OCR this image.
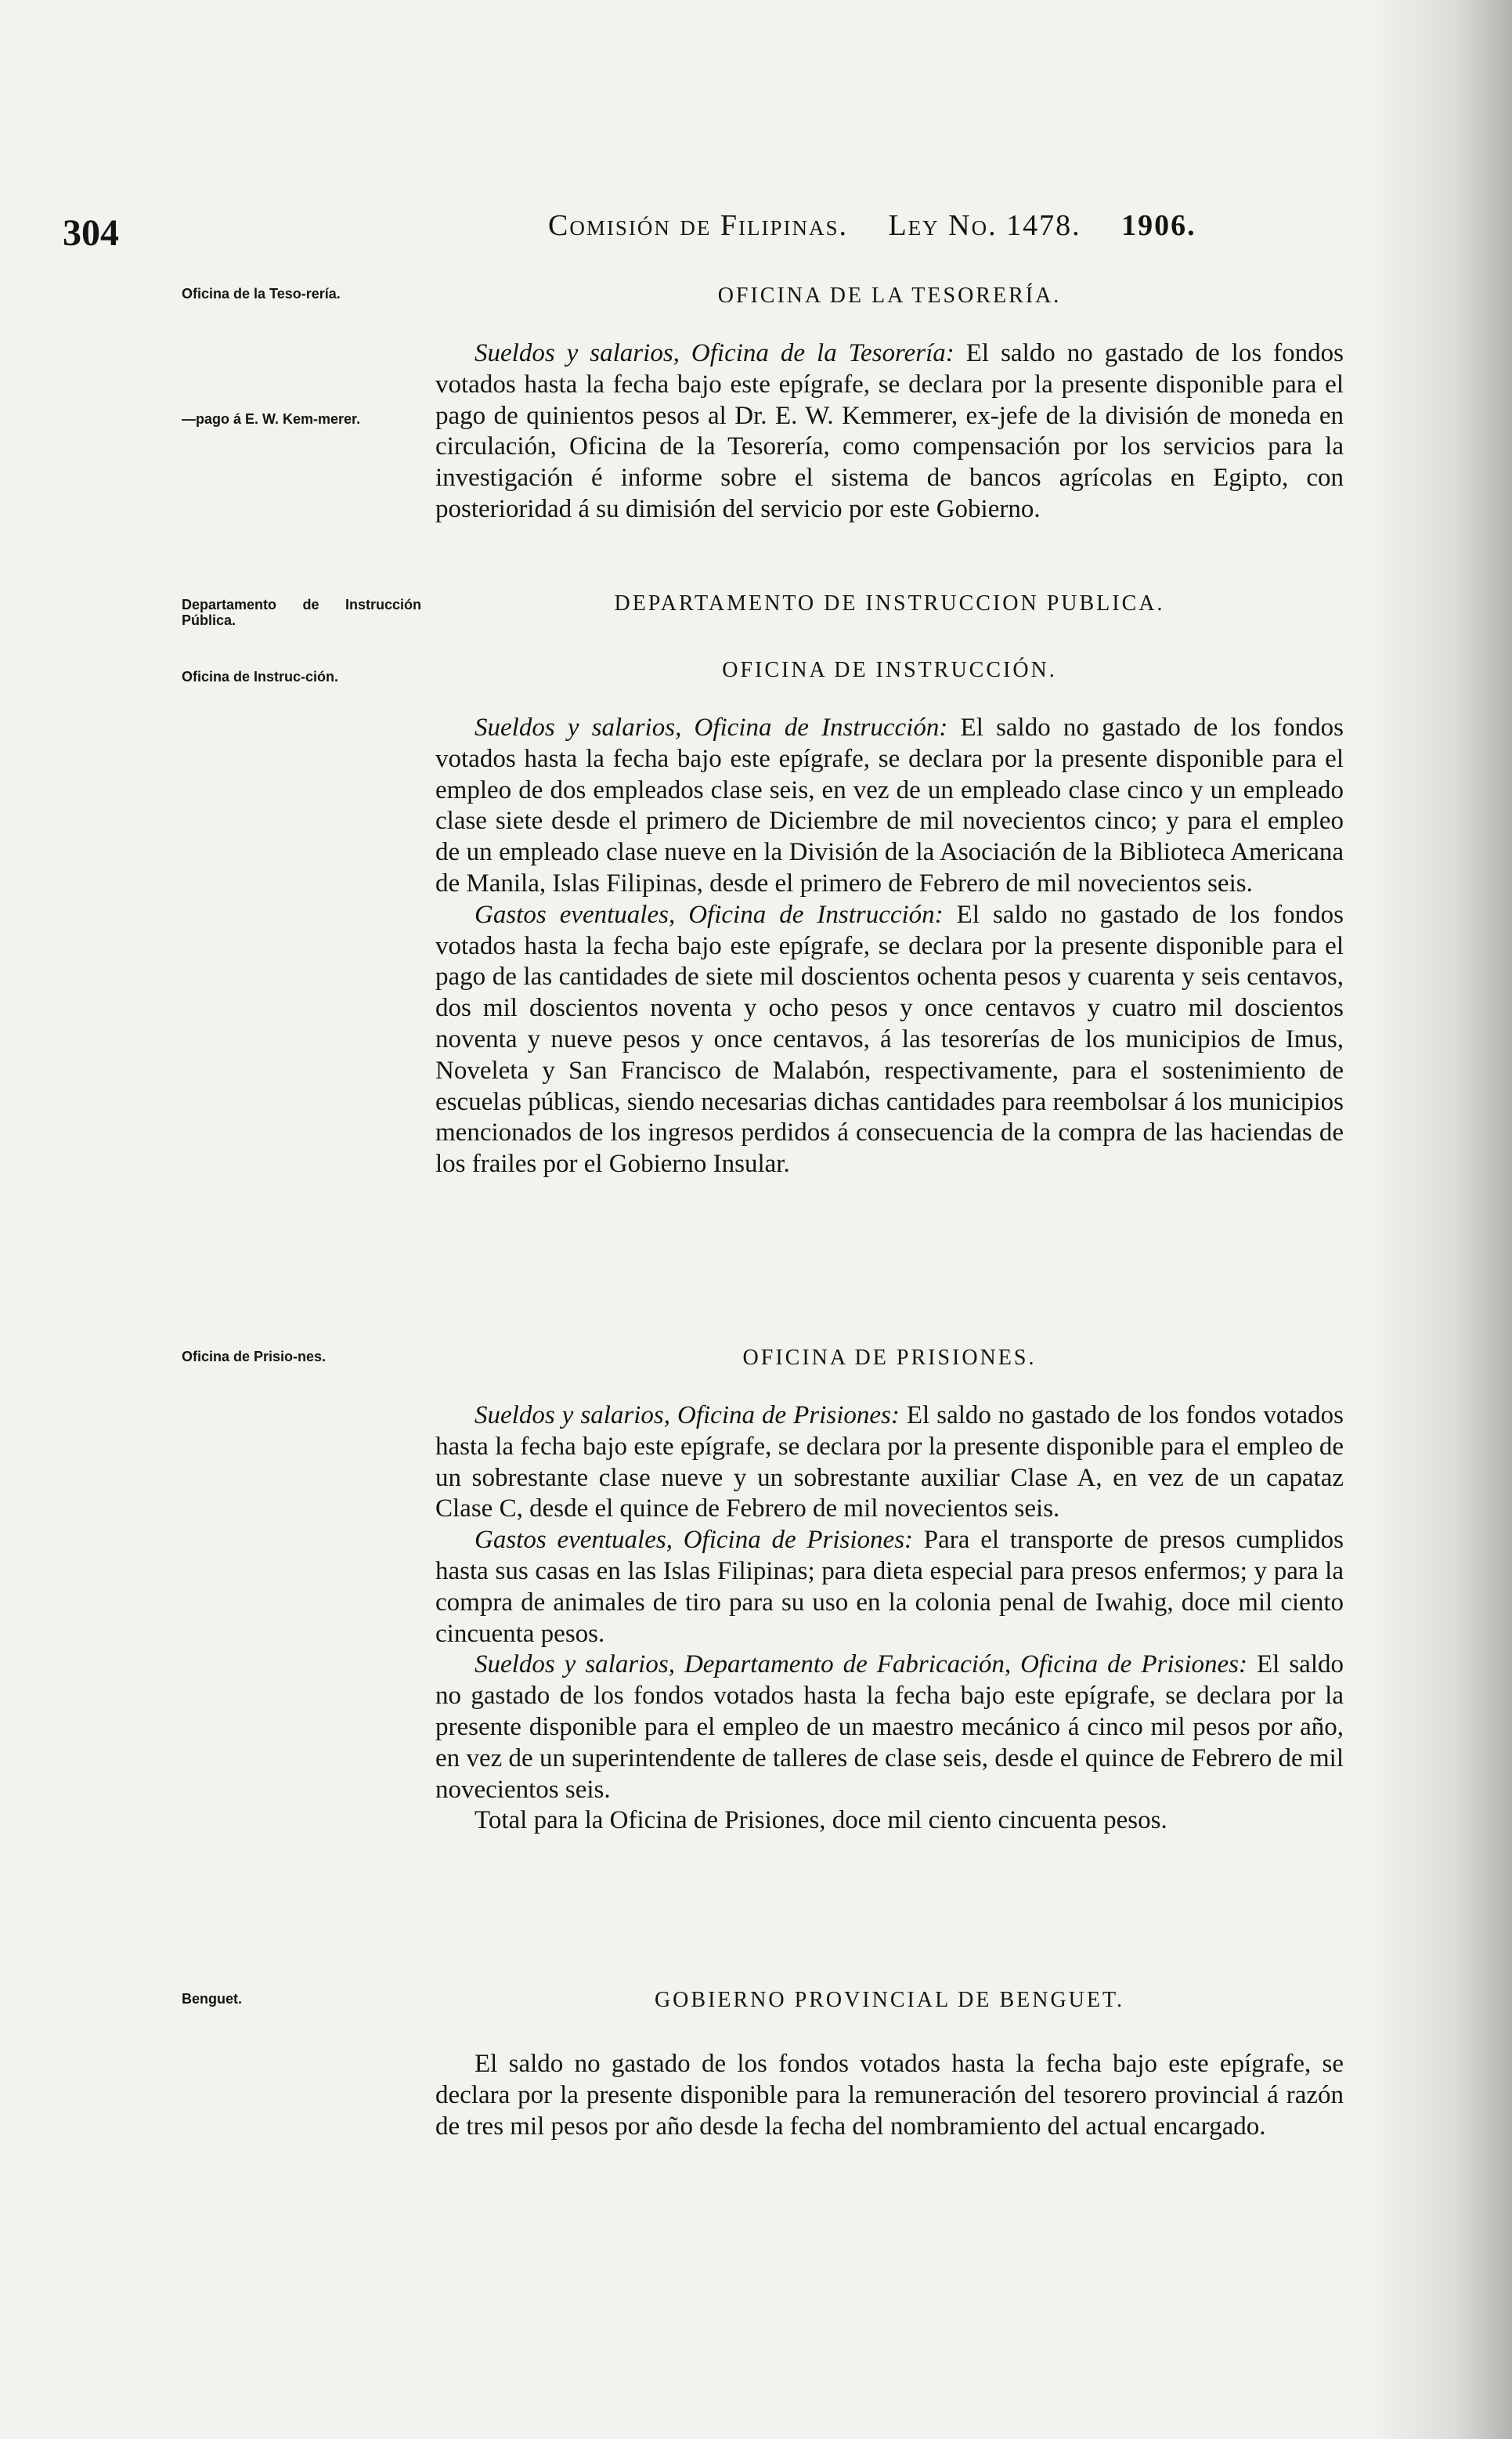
304	Comisión de Filipinas. Ley No. 1478. 1906.
Oficina de la Teso-rería.
—pago á E. W. Kem-merer.
Departamento de Instrucción Pública.
Oficina de Instruc-ción.
Oficina de Prisio-nes.
Benguet.
OFICINA DE LA TESORERÍA.

Sueldos y salarios, Oficina de la Tesorería: El saldo no gastado de los fondos votados hasta la fecha bajo este epígrafe, se declara por la presente disponible para el pago de quinientos pesos al Dr. E. W. Kemmerer, ex-jefe de la división de moneda en circulación, Oficina de la Tesorería, como compensación por los servicios para la investigación é informe sobre el sistema de bancos agrícolas en Egipto, con posterioridad á su dimisión del servicio por este Gobierno.

DEPARTAMENTO DE INSTRUCCION PUBLICA.
OFICINA DE INSTRUCCIÓN.

Sueldos y salarios, Oficina de Instrucción: El saldo no gastado de los fondos votados hasta la fecha bajo este epígrafe, se declara por la presente disponible para el empleo de dos empleados clase seis, en vez de un empleado clase cinco y un empleado clase siete desde el primero de Diciembre de mil novecientos cinco; y para el empleo de un empleado clase nueve en la División de la Asociación de la Biblioteca Americana de Manila, Islas Filipinas, desde el primero de Febrero de mil novecientos seis.

Gastos eventuales, Oficina de Instrucción: El saldo no gastado de los fondos votados hasta la fecha bajo este epígrafe, se declara por la presente disponible para el pago de las cantidades de siete mil doscientos ochenta pesos y cuarenta y seis centavos, dos mil doscientos noventa y ocho pesos y once centavos y cuatro mil doscientos noventa y nueve pesos y once centavos, á las tesorerías de los municipios de Imus, Noveleta y San Francisco de Malabón, respectivamente, para el sostenimiento de escuelas públicas, siendo necesarias dichas cantidades para reembolsar á los municipios mencionados de los ingresos perdidos á consecuencia de la compra de las haciendas de los frailes por el Gobierno Insular.

OFICINA DE PRISIONES.

Sueldos y salarios, Oficina de Prisiones: El saldo no gastado de los fondos votados hasta la fecha bajo este epígrafe, se declara por la presente disponible para el empleo de un sobrestante clase nueve y un sobrestante auxiliar Clase A, en vez de un capataz Clase C, desde el quince de Febrero de mil novecientos seis.

Gastos eventuales, Oficina de Prisiones: Para el transporte de presos cumplidos hasta sus casas en las Islas Filipinas; para dieta especial para presos enfermos; y para la compra de animales de tiro para su uso en la colonia penal de Iwahig, doce mil ciento cincuenta pesos.

Sueldos y salarios, Departamento de Fabricación, Oficina de Prisiones: El saldo no gastado de los fondos votados hasta la fecha bajo este epígrafe, se declara por la presente disponible para el empleo de un maestro mecánico á cinco mil pesos por año, en vez de un superintendente de talleres de clase seis, desde el quince de Febrero de mil novecientos seis.

Total para la Oficina de Prisiones, doce mil ciento cincuenta pesos.

GOBIERNO PROVINCIAL DE BENGUET.

El saldo no gastado de los fondos votados hasta la fecha bajo este epígrafe, se declara por la presente disponible para la remuneración del tesorero provincial á razón de tres mil pesos por año desde la fecha del nombramiento del actual encargado.
